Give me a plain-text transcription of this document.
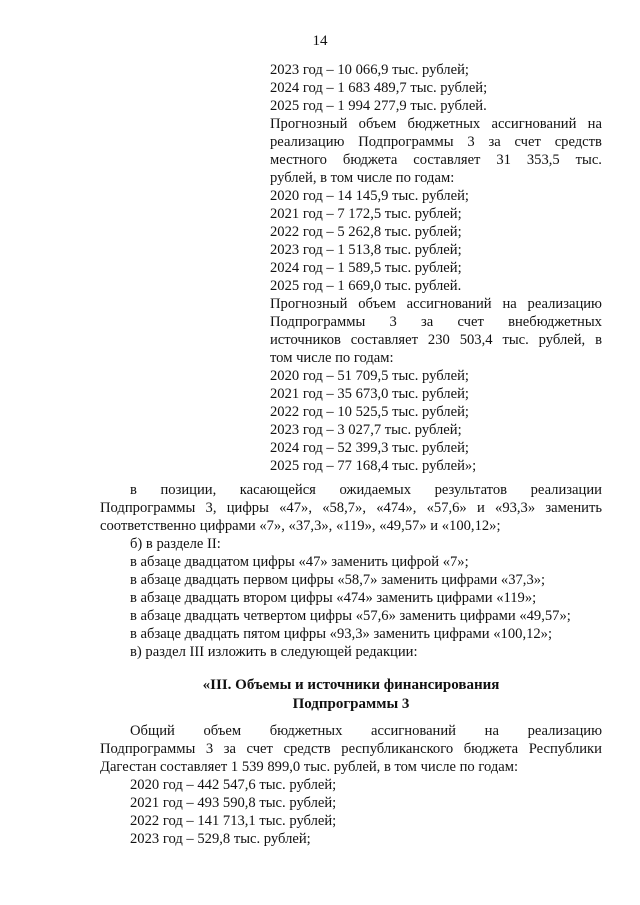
14
2023 год – 10 066,9 тыс. рублей;
2024 год – 1 683 489,7 тыс. рублей;
2025 год – 1 994 277,9 тыс. рублей.
Прогнозный объем бюджетных ассигнований на
реализацию Подпрограммы 3 за счет средств
местного бюджета составляет 31 353,5 тыс.
рублей, в том числе по годам:
2020 год – 14 145,9 тыс. рублей;
2021 год – 7 172,5 тыс. рублей;
2022 год – 5 262,8 тыс. рублей;
2023 год – 1 513,8 тыс. рублей;
2024 год – 1 589,5 тыс. рублей;
2025 год – 1 669,0 тыс. рублей.
Прогнозный объем ассигнований на реализацию
Подпрограммы 3 за счет внебюджетных
источников составляет 230 503,4 тыс. рублей, в
том числе по годам:
2020 год – 51 709,5 тыс. рублей;
2021 год – 35 673,0 тыс. рублей;
2022 год – 10 525,5 тыс. рублей;
2023 год – 3 027,7 тыс. рублей;
2024 год – 52 399,3 тыс. рублей;
2025 год – 77 168,4 тыс. рублей»;
в позиции, касающейся ожидаемых результатов реализации
Подпрограммы 3, цифры «47», «58,7», «474», «57,6» и «93,3» заменить
соответственно цифрами «7», «37,3», «119», «49,57» и «100,12»;
б) в разделе II:
в абзаце двадцатом цифры «47» заменить цифрой «7»;
в абзаце двадцать первом цифры «58,7» заменить цифрами «37,3»;
в абзаце двадцать втором цифры «474» заменить цифрами «119»;
в абзаце двадцать четвертом цифры «57,6» заменить цифрами «49,57»;
в абзаце двадцать пятом цифры «93,3» заменить цифрами «100,12»;
в) раздел III изложить в следующей редакции:
«III. Объемы и источники финансирования
Подпрограммы 3
Общий объем бюджетных ассигнований на реализацию
Подпрограммы 3 за счет средств республиканского бюджета Республики
Дагестан составляет 1 539 899,0 тыс. рублей, в том числе по годам:
2020 год – 442 547,6 тыс. рублей;
2021 год – 493 590,8 тыс. рублей;
2022 год – 141 713,1 тыс. рублей;
2023 год – 529,8 тыс. рублей;
